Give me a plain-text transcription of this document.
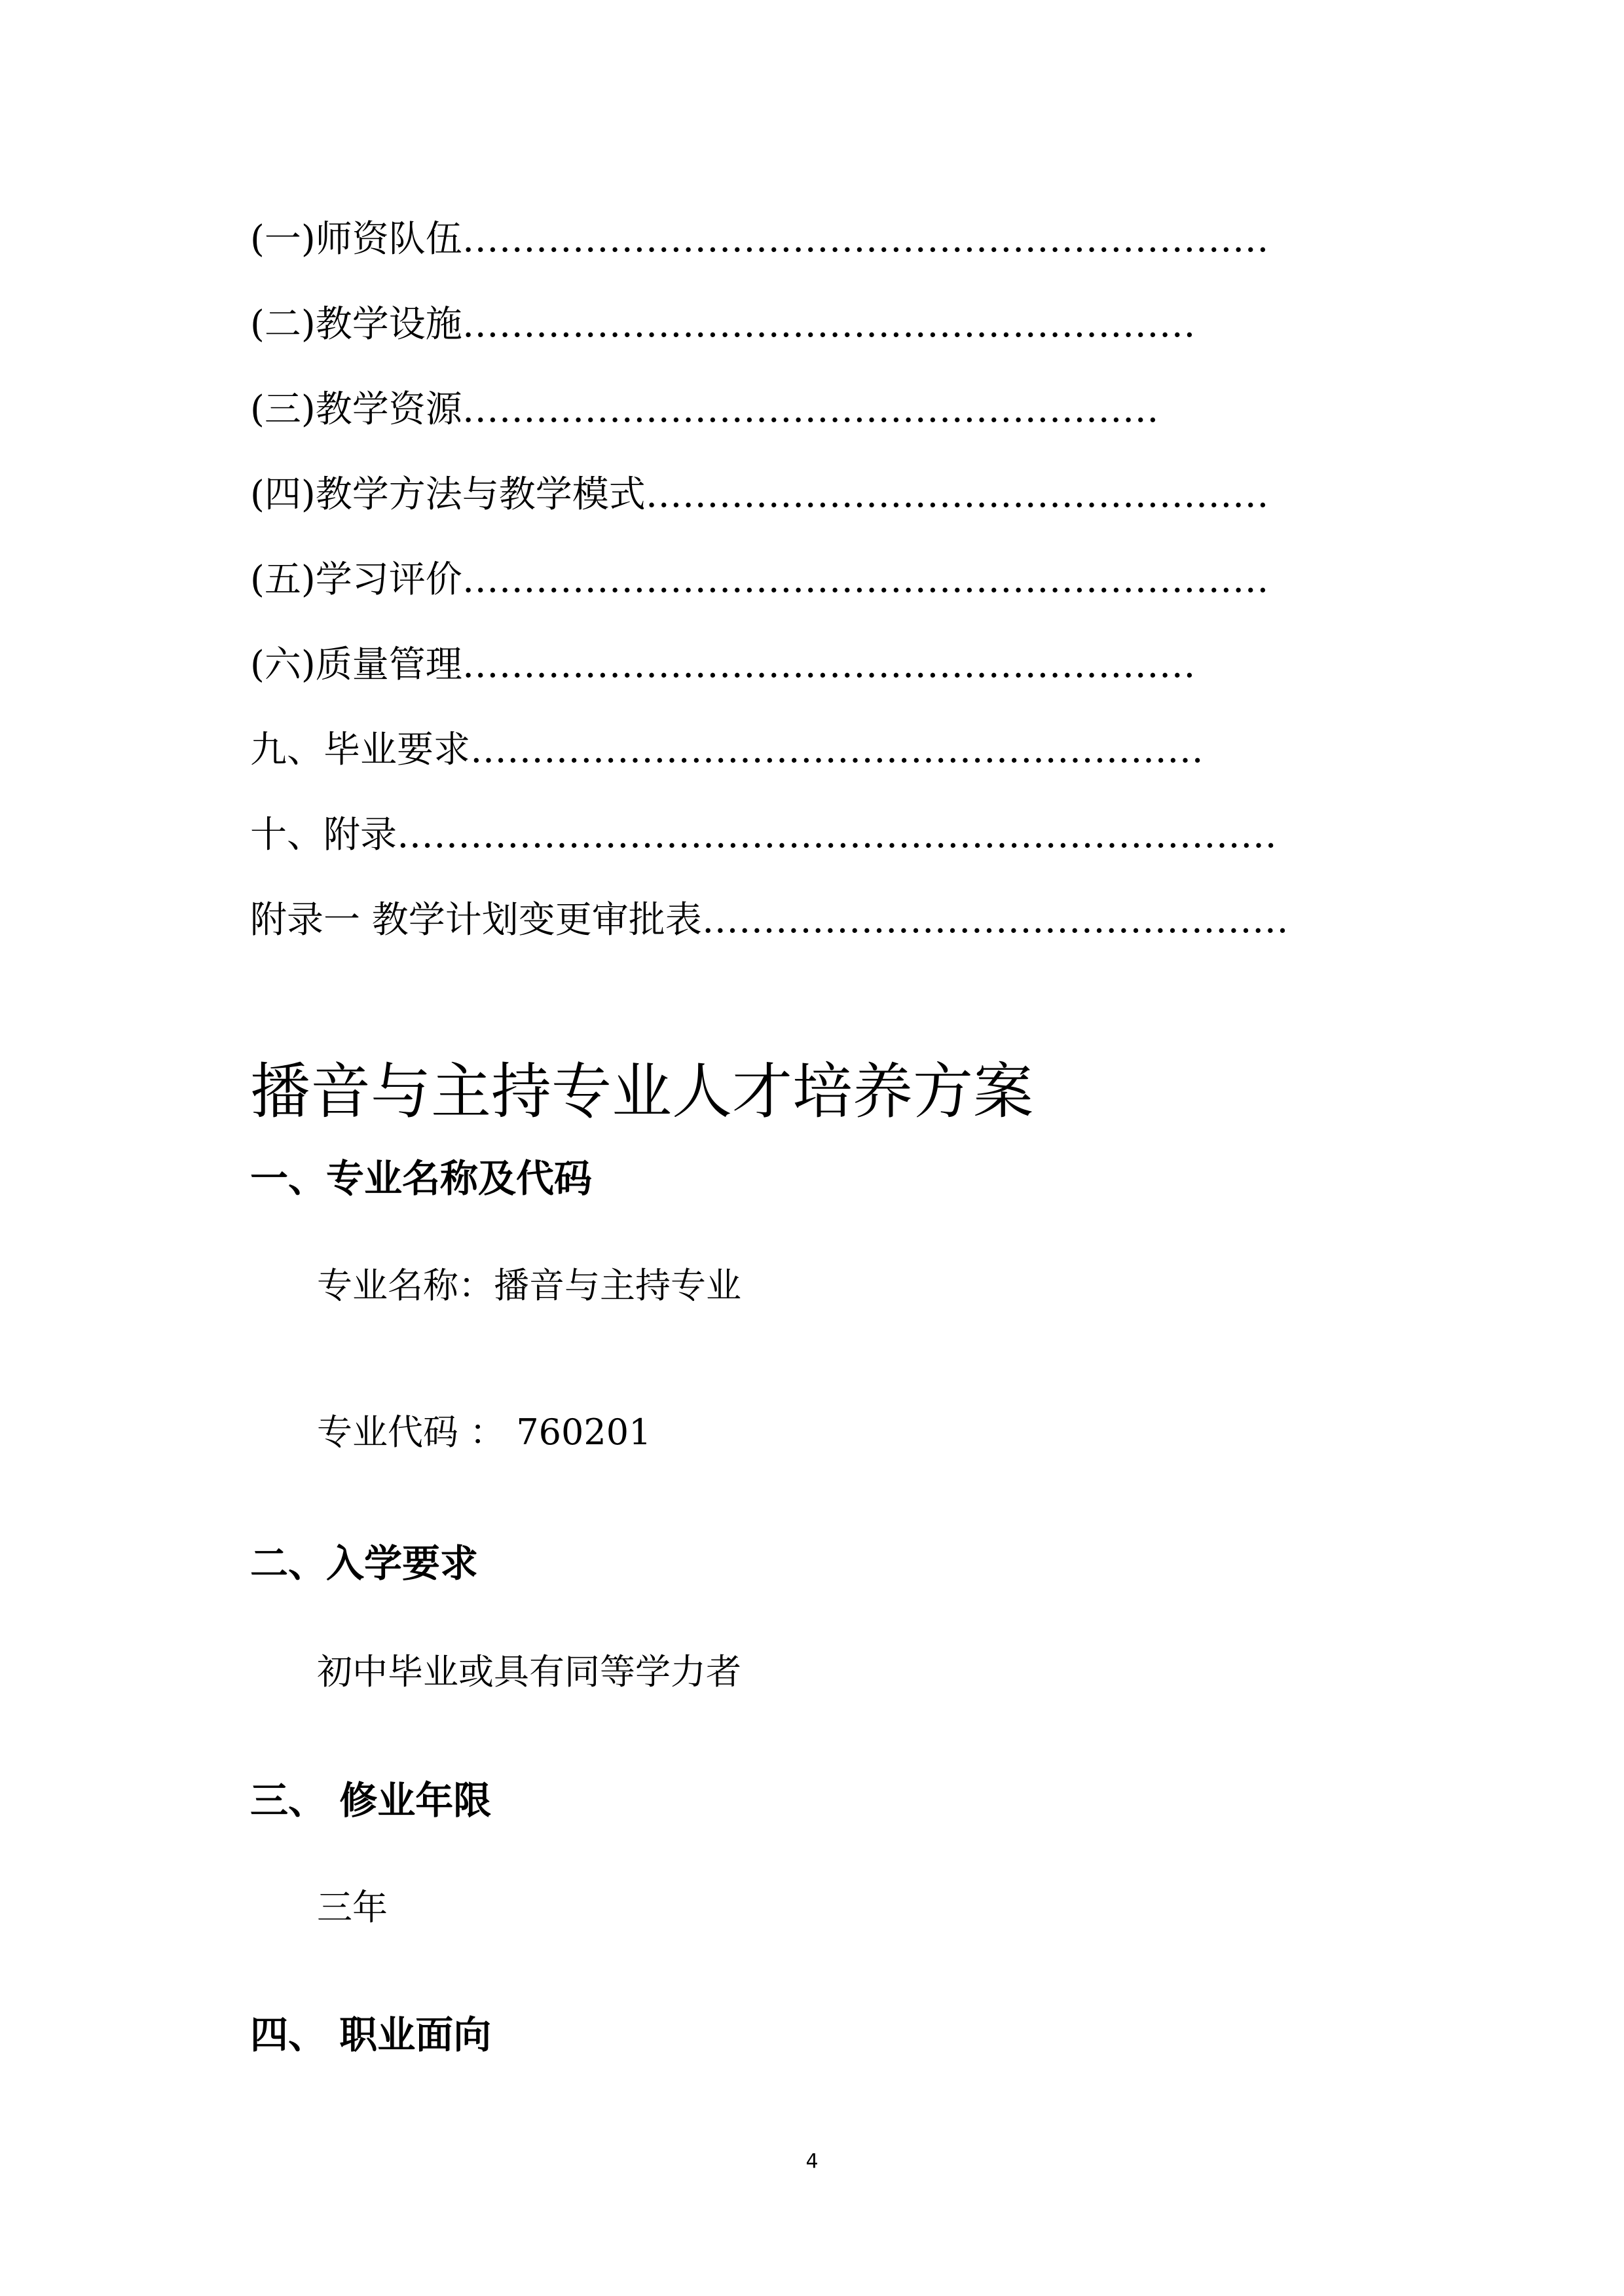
(一)师资队伍…………………………………………………………
(二)教学设施……………………………………………………
(三)教学资源…………………………………………………
(四)教学方法与教学模式……………………………………………
(五)学习评价…………………………………………………………
(六)质量管理……………………………………………………
九、毕业要求……………………………………………………
十、附录………………………………………………………………
附录一 教学计划变更审批表…………………………………………
播音与主持专业人才培养方案
一、专业名称及代码
专业名称：播音与主持专业
专业代码 ： 760201
二、入学要求
初中毕业或具有同等学力者
三、 修业年限
三年
四、 职业面向
4
